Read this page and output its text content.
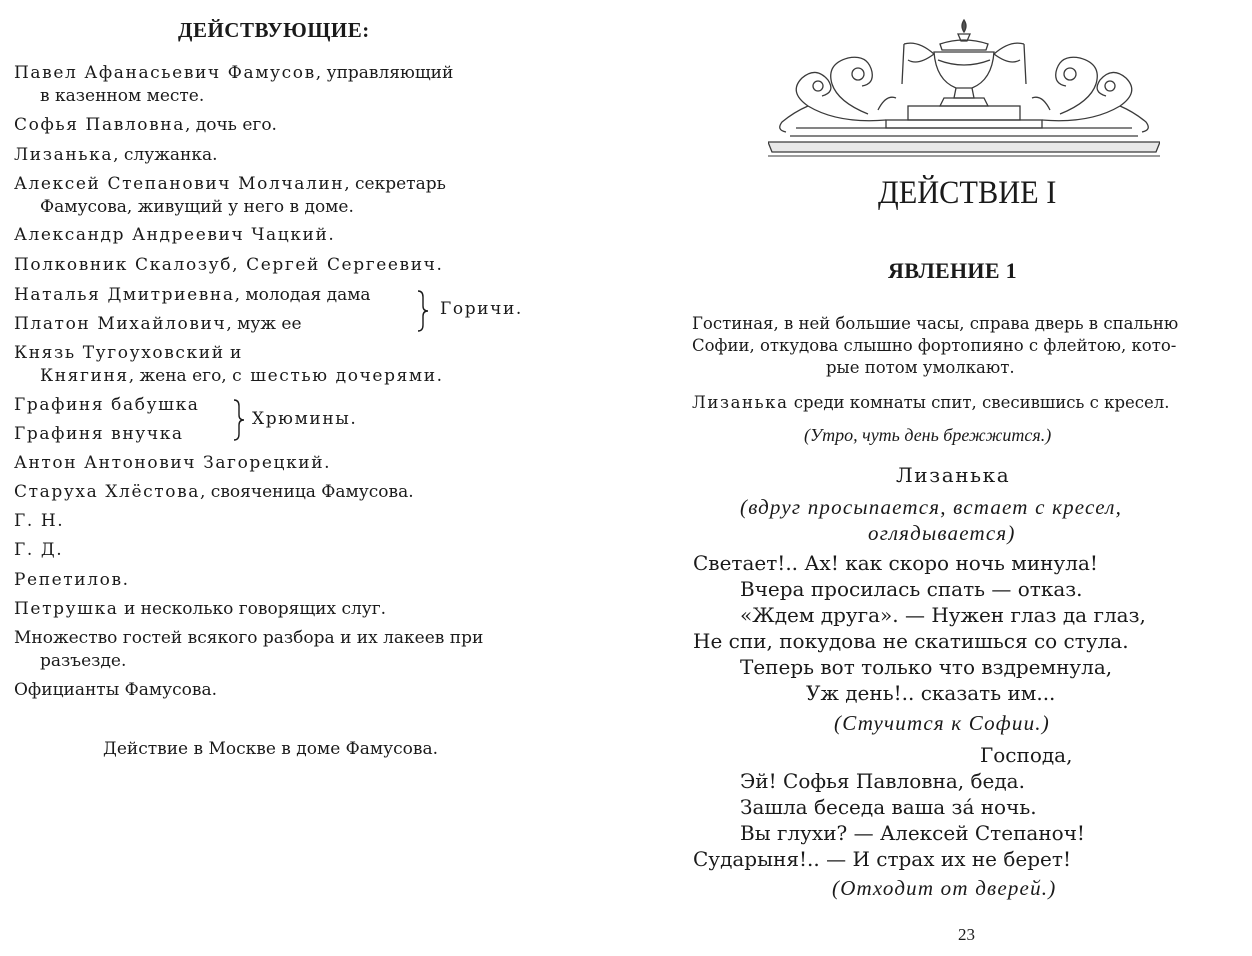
ДЕЙСТВУЮЩИЕ:
Павел Афанасьевич Фамусов, управляющий
в казенном месте.
Софья Павловна, дочь его.
Лизанька, служанка.
Алексей Степанович Молчалин, секретарь
Фамусова, живущий у него в доме.
Александр Андреевич Чацкий.
Полковник Скалозуб, Сергей Сергеевич.
Наталья Дмитриевна, молодая дама
Платон Михайлович, муж ее
Горичи.
Князь Тугоуховский и
Княгиня, жена его, с шестью дочерями.
Графиня бабушка
Графиня внучка
Хрюмины.
Антон Антонович Загорецкий.
Старуха Хлёстова, свояченица Фамусова.
Г. Н.
Г. Д.
Репетилов.
Петрушка и несколько говорящих слуг.
Множество гостей всякого разбора и их лакеев при
разъезде.
Официанты Фамусова.
Действие в Москве в доме Фамусова.
ДЕЙСТВИЕ I
ЯВЛЕНИЕ 1
Гостиная, в ней большие часы, справа дверь в спальню
Софии, откудова слышно фортопияно с флейтою, кото-
рые потом умолкают.
Лизанька среди комнаты спит, свесившись с кресел.
(Утро, чуть день брежжится.)
Лизанька
(вдруг просыпается, встает с кресел,
оглядывается)
Светает!.. Ах! как скоро ночь минула!
Вчера просилась спать — отказ.
«Ждем друга». — Нужен глаз да глаз,
Не спи, покудова не скатишься со стула.
Теперь вот только что вздремнула,
Уж день!.. сказать им...
(Стучится к Софии.)
Господа,
Эй! Софья Павловна, беда.
Зашла беседа ваша за́ ночь.
Вы глухи? — Алексей Степаноч!
Сударыня!.. — И страх их не берет!
(Отходит от дверей.)
23
